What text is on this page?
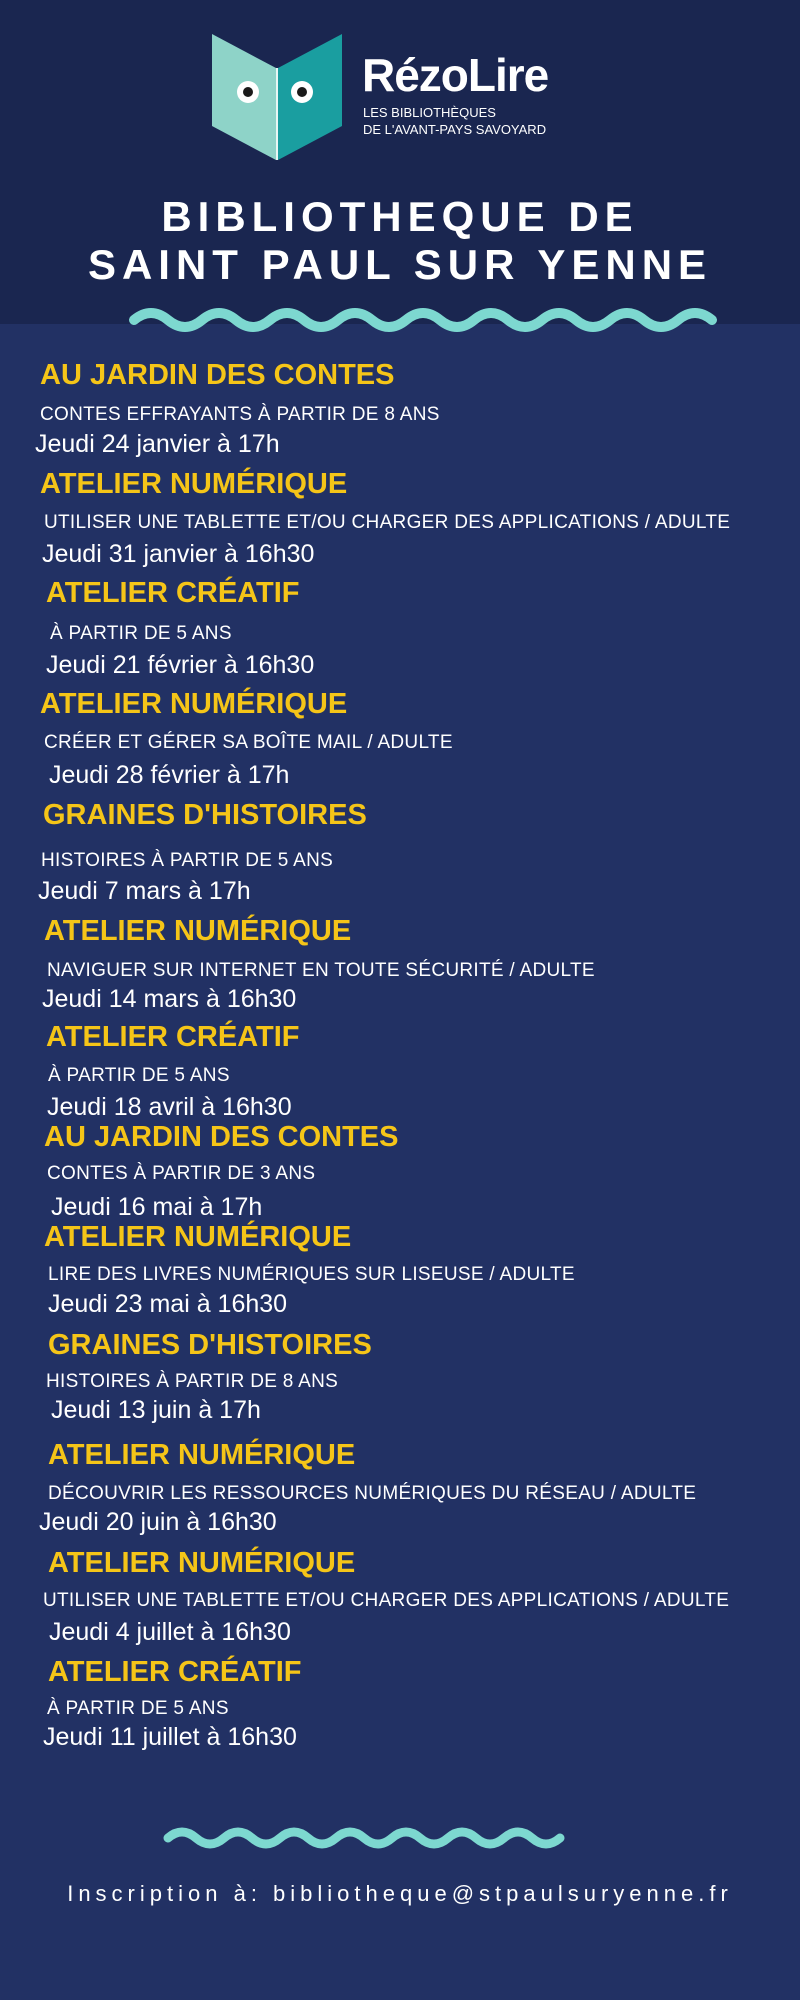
RézoLire
LES BIBLIOTHÈQUES
DE L'AVANT-PAYS SAVOYARD
BIBLIOTHEQUE DE
SAINT PAUL SUR YENNE
AU JARDIN DES CONTES
CONTES EFFRAYANTS À PARTIR DE 8 ANS
Jeudi 24 janvier à 17h
ATELIER NUMÉRIQUE
UTILISER UNE TABLETTE ET/OU CHARGER DES APPLICATIONS / ADULTE
Jeudi 31 janvier à 16h30
ATELIER CRÉATIF
À PARTIR DE 5 ANS
Jeudi 21 février à 16h30
ATELIER NUMÉRIQUE
CRÉER ET GÉRER SA BOÎTE MAIL / ADULTE
Jeudi 28 février à 17h
GRAINES D'HISTOIRES
HISTOIRES À PARTIR DE 5 ANS
Jeudi 7 mars à 17h
ATELIER NUMÉRIQUE
NAVIGUER SUR INTERNET EN TOUTE SÉCURITÉ / ADULTE
Jeudi 14 mars à 16h30
ATELIER CRÉATIF
À PARTIR DE 5 ANS
Jeudi 18 avril à 16h30
AU JARDIN DES CONTES
CONTES À PARTIR DE 3 ANS
Jeudi 16 mai à 17h
ATELIER NUMÉRIQUE
LIRE DES LIVRES NUMÉRIQUES SUR LISEUSE / ADULTE
Jeudi 23 mai à 16h30
GRAINES D'HISTOIRES
HISTOIRES À PARTIR DE 8 ANS
Jeudi 13 juin à 17h
ATELIER NUMÉRIQUE
DÉCOUVRIR LES RESSOURCES NUMÉRIQUES DU RÉSEAU / ADULTE
Jeudi 20 juin à 16h30
ATELIER NUMÉRIQUE
UTILISER UNE TABLETTE ET/OU CHARGER DES APPLICATIONS / ADULTE
Jeudi 4 juillet à 16h30
ATELIER CRÉATIF
À PARTIR DE 5 ANS
Jeudi 11 juillet à 16h30
Inscription à: bibliotheque@stpaulsuryenne.fr
